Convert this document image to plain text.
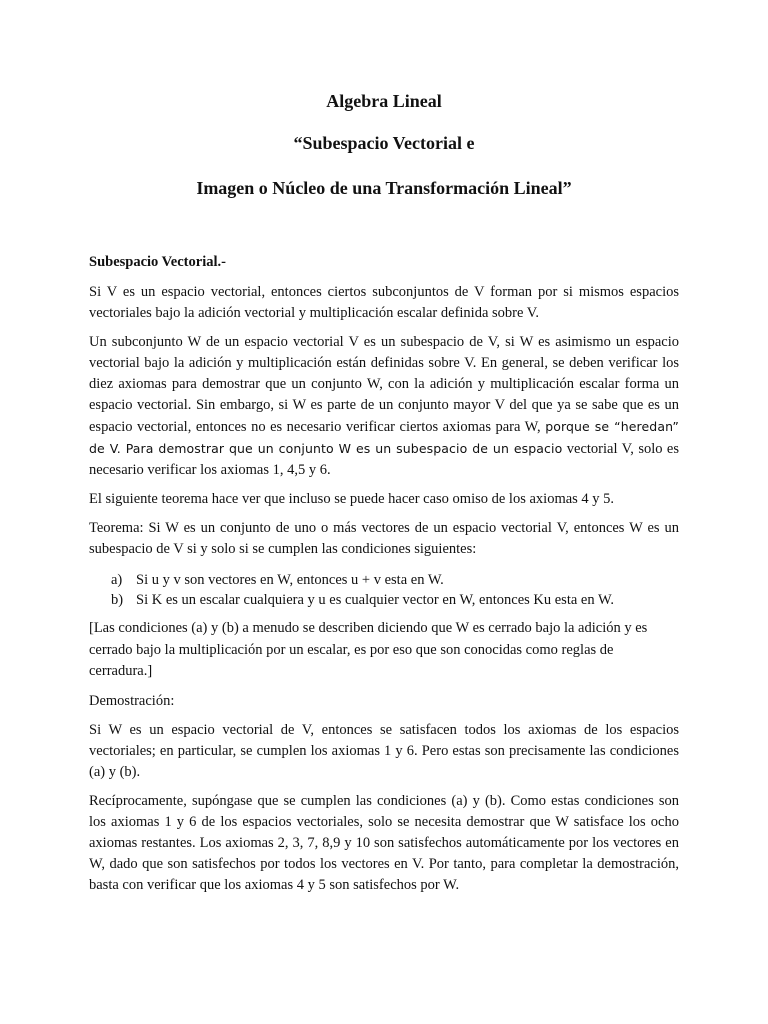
Algebra Lineal
“Subespacio Vectorial e
Imagen o Núcleo de una Transformación Lineal”
Subespacio Vectorial.-

Si V es un espacio vectorial, entonces ciertos subconjuntos de V forman por si mismos espacios vectoriales bajo la adición vectorial y multiplicación escalar definida sobre V.

Un subconjunto W de un espacio vectorial V es un subespacio de V, si W es asimismo un espacio vectorial bajo la adición y multiplicación están definidas sobre V. En general, se deben verificar los diez axiomas para demostrar que un conjunto W, con la adición y multiplicación escalar forma un espacio vectorial. Sin embargo, si W es parte de un conjunto mayor V del que ya se sabe que es un espacio vectorial, entonces no es necesario verificar ciertos axiomas para W, porque se “heredan” de V. Para demostrar que un conjunto W es un subespacio de un espacio vectorial V, solo es necesario verificar los axiomas 1, 4,5 y 6.

El siguiente teorema hace ver que incluso se puede hacer caso omiso de los axiomas 4 y 5.

Teorema: Si W es un conjunto de uno o más vectores de un espacio vectorial V, entonces W es un subespacio de V si y solo si se cumplen las condiciones siguientes:

a) Si u y v son vectores en W, entonces u + v esta en W.
b) Si K es un escalar cualquiera y u es cualquier vector en W, entonces Ku esta en W.

[Las condiciones (a) y (b) a menudo se describen diciendo que W es cerrado bajo la adición y es cerrado bajo la multiplicación por un escalar, es por eso que son conocidas como reglas de cerradura.]

Demostración:

Si W es un espacio vectorial de V, entonces se satisfacen todos los axiomas de los espacios vectoriales; en particular, se cumplen los axiomas 1 y 6. Pero estas son precisamente las condiciones (a) y (b).

Recíprocamente, supóngase que se cumplen las condiciones (a) y (b). Como estas condiciones son los axiomas 1 y 6 de los espacios vectoriales, solo se necesita demostrar que W satisface los ocho axiomas restantes. Los axiomas 2, 3, 7, 8,9 y 10 son satisfechos automáticamente por los vectores en W, dado que son satisfechos por todos los vectores en V. Por tanto, para completar la demostración, basta con verificar que los axiomas 4 y 5 son satisfechos por W.
